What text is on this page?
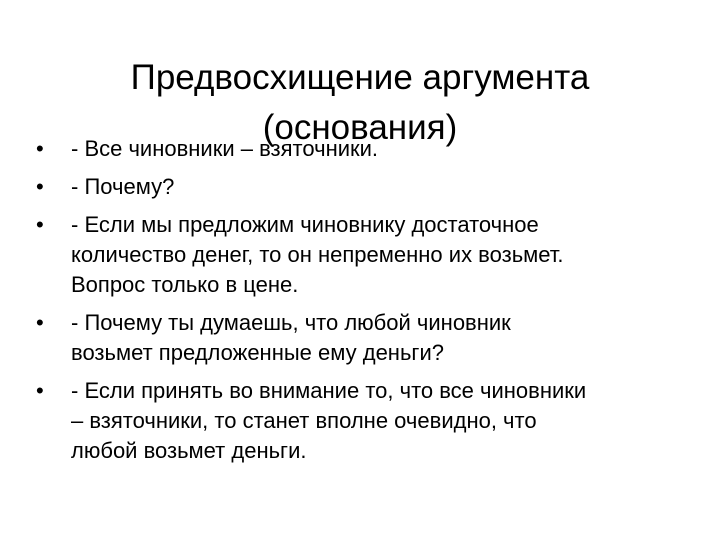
Предвосхищение аргумента
(основания)
•	- Все чиновники – взяточники.
•	- Почему?
•	- Если мы предложим чиновнику достаточное
количество денег, то он непременно их возьмет.
Вопрос только в цене.
•	- Почему ты думаешь, что любой чиновник
возьмет предложенные ему деньги?
•	- Если принять во внимание то, что все чиновники
– взяточники, то станет вполне очевидно, что
любой возьмет деньги.
